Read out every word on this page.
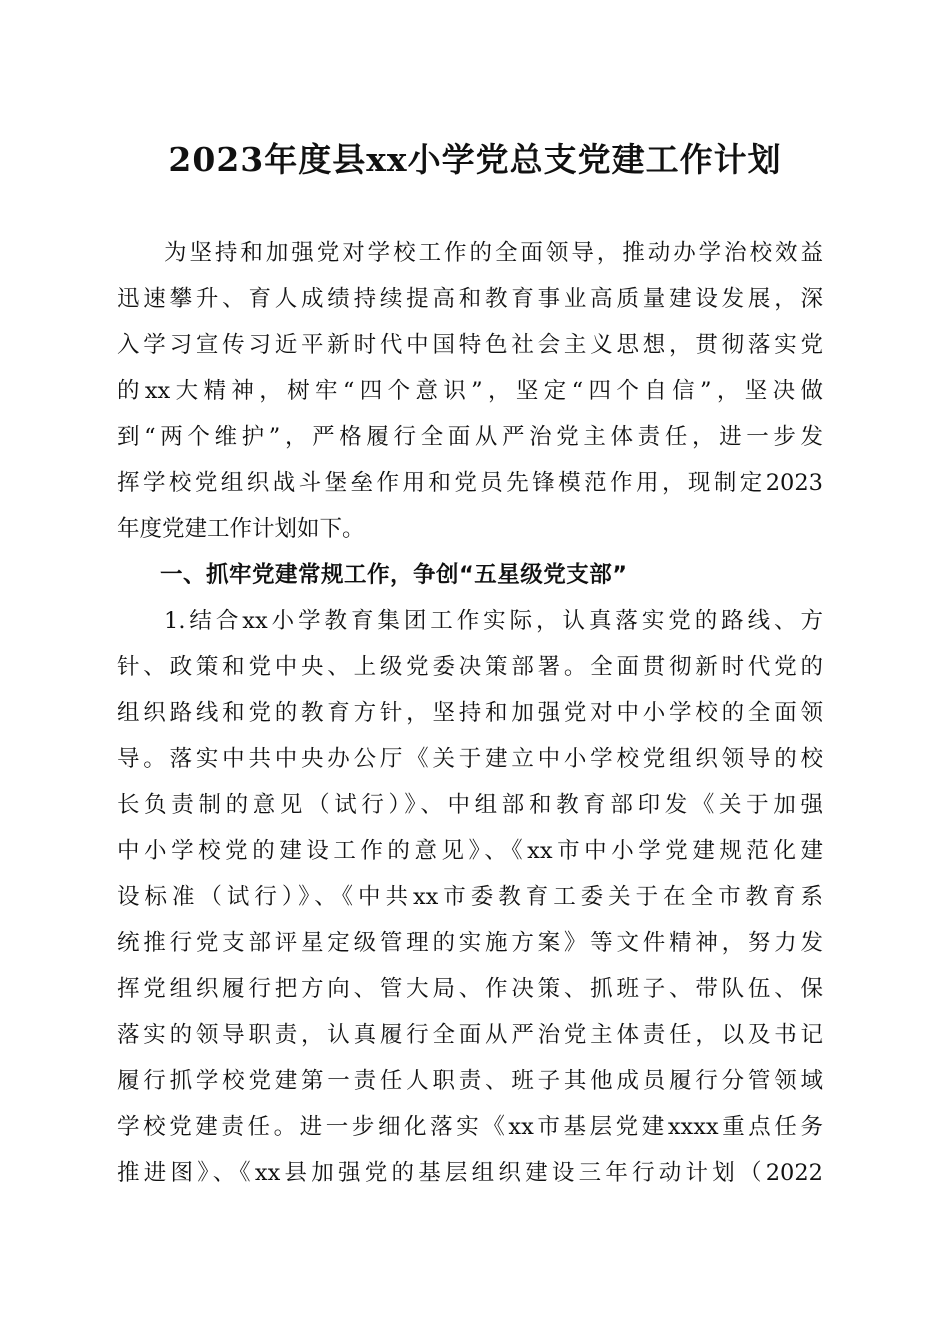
2023年度县xx小学党总支党建工作计划
为坚持和加强党对学校工作的全面领导，推动办学治校效益
迅速攀升、育人成绩持续提高和教育事业高质量建设发展，深
入学习宣传习近平新时代中国特色社会主义思想，贯彻落实党
的xx大精神，树牢“四个意识”，坚定“四个自信”，坚决做
到“两个维护”，严格履行全面从严治党主体责任，进一步发
挥学校党组织战斗堡垒作用和党员先锋模范作用，现制定2023
年度党建工作计划如下。
一、抓牢党建常规工作，争创“五星级党支部”
1.结合xx小学教育集团工作实际，认真落实党的路线、方
针、政策和党中央、上级党委决策部署。全面贯彻新时代党的
组织路线和党的教育方针，坚持和加强党对中小学校的全面领
导。落实中共中央办公厅《关于建立中小学校党组织领导的校
长负责制的意见（试行）》、中组部和教育部印发《关于加强
中小学校党的建设工作的意见》、《xx市中小学党建规范化建
设标准（试行）》、《中共xx市委教育工委关于在全市教育系
统推行党支部评星定级管理的实施方案》等文件精神，努力发
挥党组织履行把方向、管大局、作决策、抓班子、带队伍、保
落实的领导职责，认真履行全面从严治党主体责任，以及书记
履行抓学校党建第一责任人职责、班子其他成员履行分管领域
学校党建责任。进一步细化落实《xx市基层党建xxxx重点任务
推进图》、《xx县加强党的基层组织建设三年行动计划（2022
